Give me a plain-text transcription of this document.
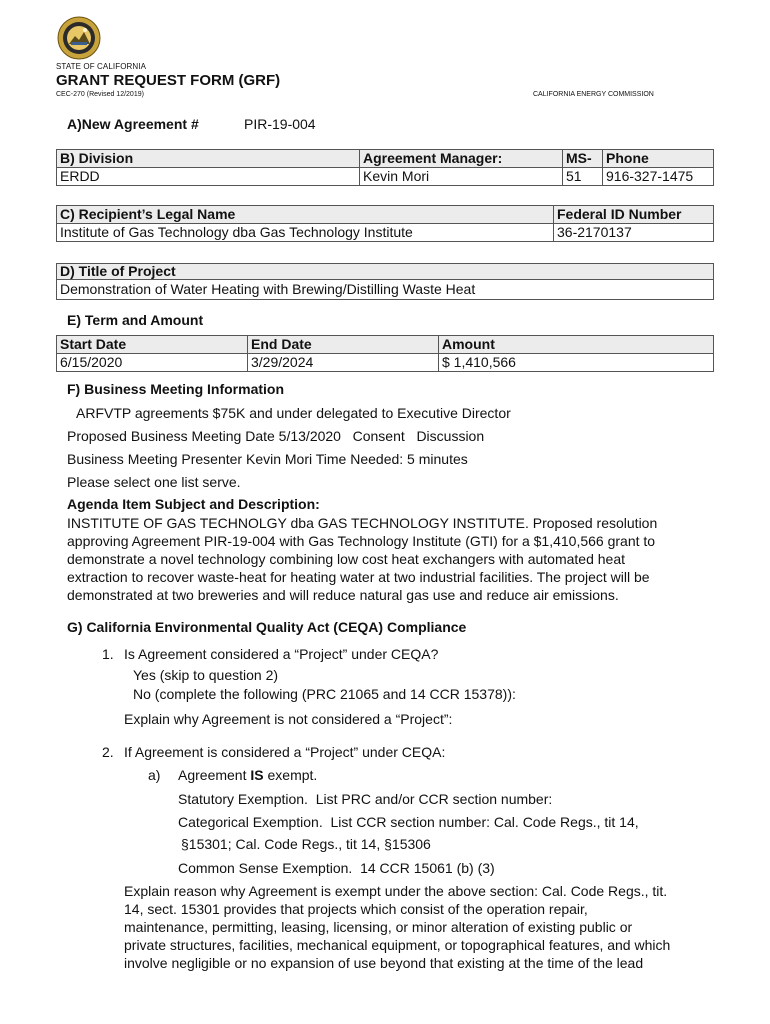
STATE OF CALIFORNIA
GRANT REQUEST FORM (GRF)
CEC-270 (Revised 12/2019)	CALIFORNIA ENERGY COMMISSION
A)New Agreement #	PIR-19-004
B) Division	Agreement Manager:	MS-	Phone
ERDD	Kevin Mori	51	916-327-1475
C) Recipient’s Legal Name	Federal ID Number
Institute of Gas Technology dba Gas Technology Institute	36-2170137
D) Title of Project
Demonstration of Water Heating with Brewing/Distilling Waste Heat
E) Term and Amount
Start Date	End Date	Amount
6/15/2020	3/29/2024	$ 1,410,566
F) Business Meeting Information
ARFVTP agreements $75K and under delegated to Executive Director
Proposed Business Meeting Date 5/13/2020   Consent   Discussion
Business Meeting Presenter Kevin Mori Time Needed: 5 minutes
Please select one list serve.
Agenda Item Subject and Description:
INSTITUTE OF GAS TECHNOLGY dba GAS TECHNOLOGY INSTITUTE. Proposed resolution
approving Agreement PIR-19-004 with Gas Technology Institute (GTI) for a $1,410,566 grant to
demonstrate a novel technology combining low cost heat exchangers with automated heat
extraction to recover waste-heat for heating water at two industrial facilities. The project will be
demonstrated at two breweries and will reduce natural gas use and reduce air emissions.
G) California Environmental Quality Act (CEQA) Compliance
1. Is Agreement considered a “Project” under CEQA?
Yes (skip to question 2)
No (complete the following (PRC 21065 and 14 CCR 15378)):
Explain why Agreement is not considered a “Project”:
2. If Agreement is considered a “Project” under CEQA:
a) Agreement IS exempt.
Statutory Exemption.  List PRC and/or CCR section number:
Categorical Exemption.  List CCR section number: Cal. Code Regs., tit 14,
§15301; Cal. Code Regs., tit 14, §15306
Common Sense Exemption.  14 CCR 15061 (b) (3)
Explain reason why Agreement is exempt under the above section: Cal. Code Regs., tit.
14, sect. 15301 provides that projects which consist of the operation repair,
maintenance, permitting, leasing, licensing, or minor alteration of existing public or
private structures, facilities, mechanical equipment, or topographical features, and which
involve negligible or no expansion of use beyond that existing at the time of the lead
